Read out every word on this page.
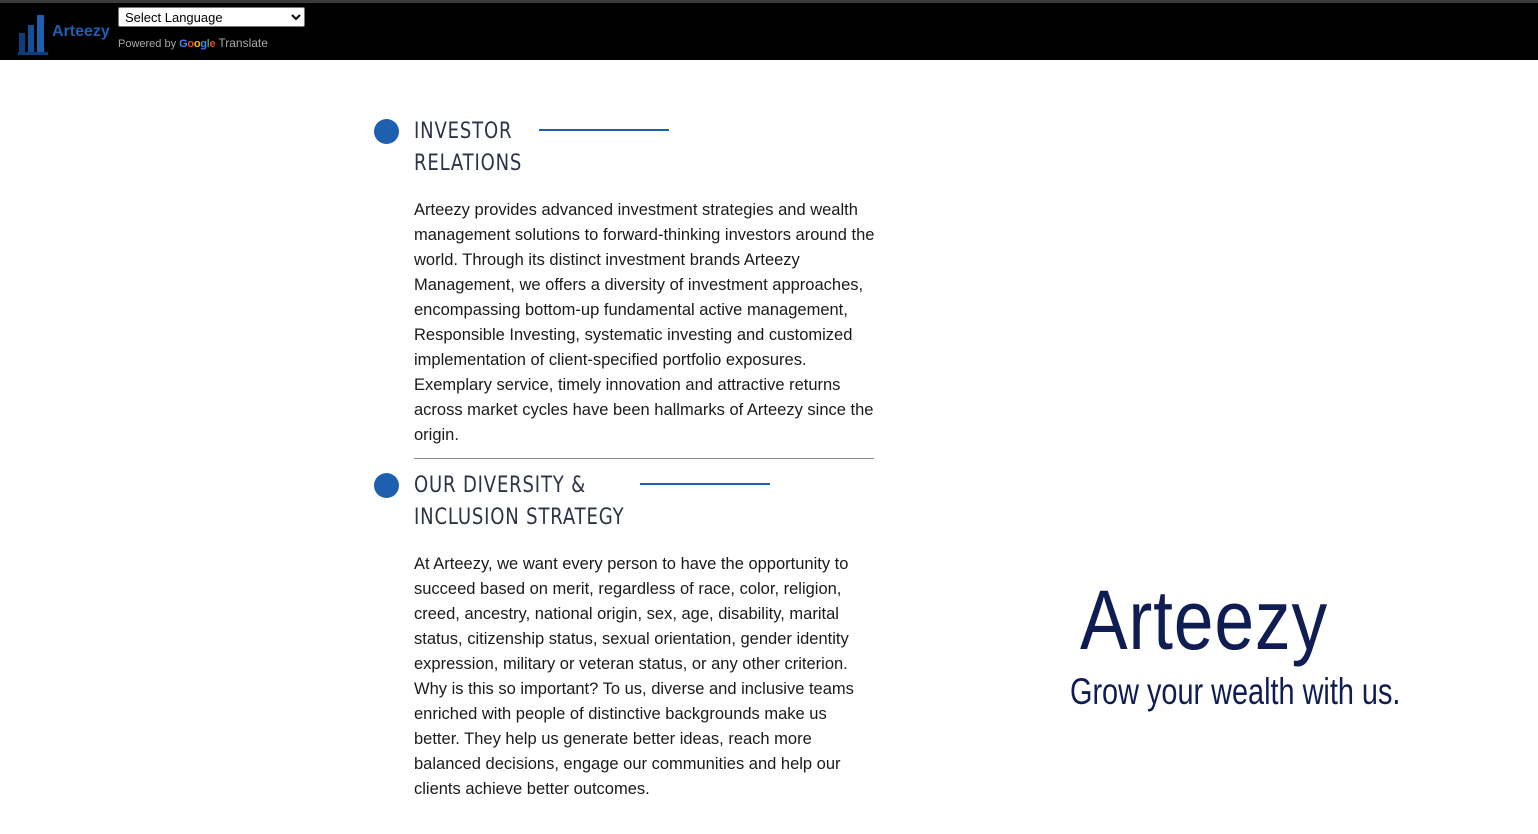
Arteezy
Select Language
Powered by Google Translate
INVESTOR
RELATIONS
Arteezy provides advanced investment strategies and wealth management solutions to forward-thinking investors around the world. Through its distinct investment brands Arteezy Management, we offers a diversity of investment approaches, encompassing bottom-up fundamental active management, Responsible Investing, systematic investing and customized implementation of client-specified portfolio exposures. Exemplary service, timely innovation and attractive returns across market cycles have been hallmarks of Arteezy since the origin.
OUR DIVERSITY &
INCLUSION STRATEGY
At Arteezy, we want every person to have the opportunity to succeed based on merit, regardless of race, color, religion, creed, ancestry, national origin, sex, age, disability, marital status, citizenship status, sexual orientation, gender identity expression, military or veteran status, or any other criterion. Why is this so important? To us, diverse and inclusive teams enriched with people of distinctive backgrounds make us better. They help us generate better ideas, reach more balanced decisions, engage our communities and help our clients achieve better outcomes.
Arteezy
Grow your wealth with us.
